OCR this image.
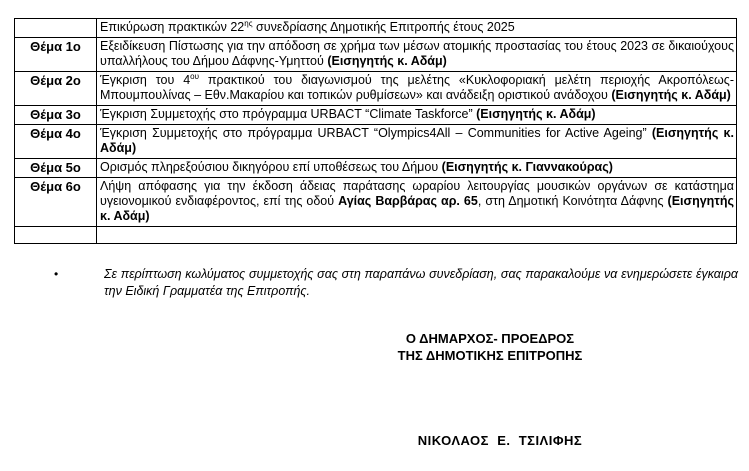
	Επικύρωση πρακτικών $22^{\eta\varsigma}$ συνεδρίασης Δημοτικής Επιτροπής έτους 2025
Θέμα 1ο	Εξειδίκευση Πίστωσης για την απόδοση σε χρήμα των μέσων ατομικής προστασίας του έτους 2023 σε δικαιούχους υπαλλήλους του Δήμου Δάφνης-Υμηττού (Εισηγητής κ. Αδάμ)
Θέμα 2ο	Έγκριση του $4^{o\upsilon}$ πρακτικού του διαγωνισμού της μελέτης «Κυκλοφοριακή μελέτη περιοχής Ακροπόλεως-Μπουμπουλίνας – Εθν.Μακαρίου και τοπικών ρυθμίσεων» και ανάδειξη οριστικού ανάδοχου (Εισηγητής κ. Αδάμ)
Θέμα 3ο	Έγκριση Συμμετοχής στο πρόγραμμα URBACT “Climate Taskforce” (Εισηγητής κ. Αδάμ)
Θέμα 4ο	Έγκριση Συμμετοχής στο πρόγραμμα URBACT “Olympics4All – Communities for Active Ageing” (Εισηγητής κ. Αδάμ)
Θέμα 5ο	Ορισμός πληρεξούσιου δικηγόρου επί υποθέσεως του Δήμου (Εισηγητής κ. Γιαννακούρας)
Θέμα 6ο	Λήψη απόφασης για την έκδοση άδειας παράτασης ωραρίου λειτουργίας μουσικών οργάνων σε κατάστημα υγειονομικού ενδιαφέροντος, επί της οδού Αγίας Βαρβάρας αρ. 65, στη Δημοτική Κοινότητα Δάφνης (Εισηγητής κ. Αδάμ)

•	Σε περίπτωση κωλύματος συμμετοχής σας στη παραπάνω συνεδρίαση, σας παρακαλούμε να ενημερώσετε έγκαιρα την Ειδική Γραμματέα της Επιτροπής.
Ο ΔΗΜΑΡΧΟΣ- ΠΡΟΕΔΡΟΣ
ΤΗΣ ΔΗΜΟΤΙΚΗΣ ΕΠΙΤΡΟΠΗΣ
ΝΙΚΟΛΑΟΣ  Ε.  ΤΣΙΛΙΦΗΣ
